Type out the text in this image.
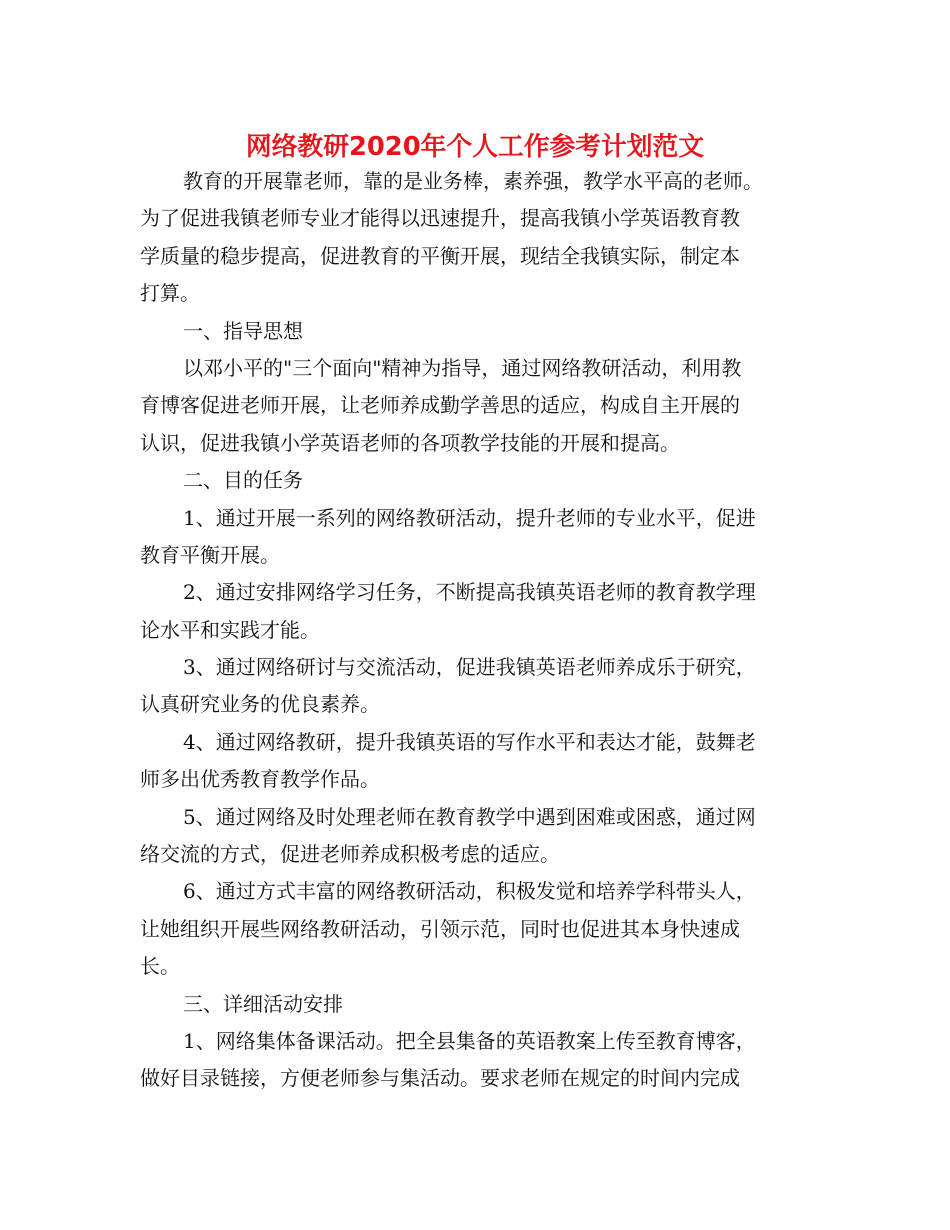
网络教研2020年个人工作参考计划范文
教育的开展靠老师，靠的是业务棒，素养强，教学水平高的老师。
为了促进我镇老师专业才能得以迅速提升，提高我镇小学英语教育教
学质量的稳步提高，促进教育的平衡开展，现结全我镇实际，制定本
打算。
一、指导思想
以邓小平的"三个面向"精神为指导，通过网络教研活动，利用教
育博客促进老师开展，让老师养成勤学善思的适应，构成自主开展的
认识，促进我镇小学英语老师的各项教学技能的开展和提高。
二、目的任务
1、通过开展一系列的网络教研活动，提升老师的专业水平，促进
教育平衡开展。
2、通过安排网络学习任务，不断提高我镇英语老师的教育教学理
论水平和实践才能。
3、通过网络研讨与交流活动，促进我镇英语老师养成乐于研究，
认真研究业务的优良素养。
4、通过网络教研，提升我镇英语的写作水平和表达才能，鼓舞老
师多出优秀教育教学作品。
5、通过网络及时处理老师在教育教学中遇到困难或困惑，通过网
络交流的方式，促进老师养成积极考虑的适应。
6、通过方式丰富的网络教研活动，积极发觉和培养学科带头人，
让她组织开展些网络教研活动，引领示范，同时也促进其本身快速成
长。
三、详细活动安排
1、网络集体备课活动。把全县集备的英语教案上传至教育博客，
做好目录链接，方便老师参与集活动。要求老师在规定的时间内完成
